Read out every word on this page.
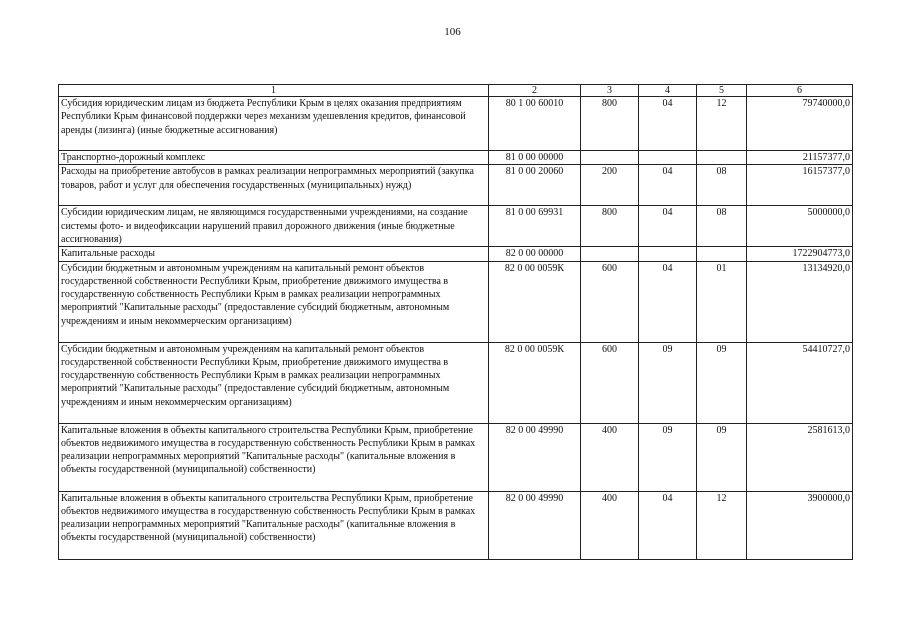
106
1	2	3	4	5	6
Субсидия юридическим лицам из бюджета Республики Крым в целях оказания предприятиям Республики Крым финансовой поддержки через механизм удешевления кредитов, финансовой аренды (лизинга) (иные бюджетные ассигнования)	80 1 00 60010	800	04	12	79740000,0
Транспортно-дорожный комплекс	81 0 00 00000				21157377,0
Расходы на приобретение автобусов в рамках реализации непрограммных мероприятий (закупка товаров, работ и услуг для обеспечения государственных (муниципальных) нужд)	81 0 00 20060	200	04	08	16157377,0
Субсидии юридическим лицам, не являющимся государственными учреждениями, на создание системы фото- и видеофиксации нарушений правил дорожного движения (иные бюджетные ассигнования)	81 0 00 69931	800	04	08	5000000,0
Капитальные расходы	82 0 00 00000				1722904773,0
Субсидии бюджетным и автономным учреждениям на капитальный ремонт объектов государственной собственности Республики Крым, приобретение движимого имущества в государственную собственность Республики Крым в рамках реализации непрограммных мероприятий "Капитальные расходы" (предоставление субсидий бюджетным, автономным учреждениям и иным некоммерческим организациям)	82 0 00 0059К	600	04	01	13134920,0
Субсидии бюджетным и автономным учреждениям на капитальный ремонт объектов государственной собственности Республики Крым, приобретение движимого имущества в государственную собственность Республики Крым в рамках реализации непрограммных мероприятий "Капитальные расходы" (предоставление субсидий бюджетным, автономным учреждениям и иным некоммерческим организациям)	82 0 00 0059К	600	09	09	54410727,0
Капитальные вложения в объекты капитального строительства Республики Крым, приобретение объектов недвижимого имущества в государственную собственность Республики Крым в рамках реализации непрограммных мероприятий "Капитальные расходы" (капитальные вложения в объекты государственной (муниципальной) собственности)	82 0 00 49990	400	09	09	2581613,0
Капитальные вложения в объекты капитального строительства Республики Крым, приобретение объектов недвижимого имущества в государственную собственность Республики Крым в рамках реализации непрограммных мероприятий "Капитальные расходы" (капитальные вложения в объекты государственной (муниципальной) собственности)	82 0 00 49990	400	04	12	3900000,0
